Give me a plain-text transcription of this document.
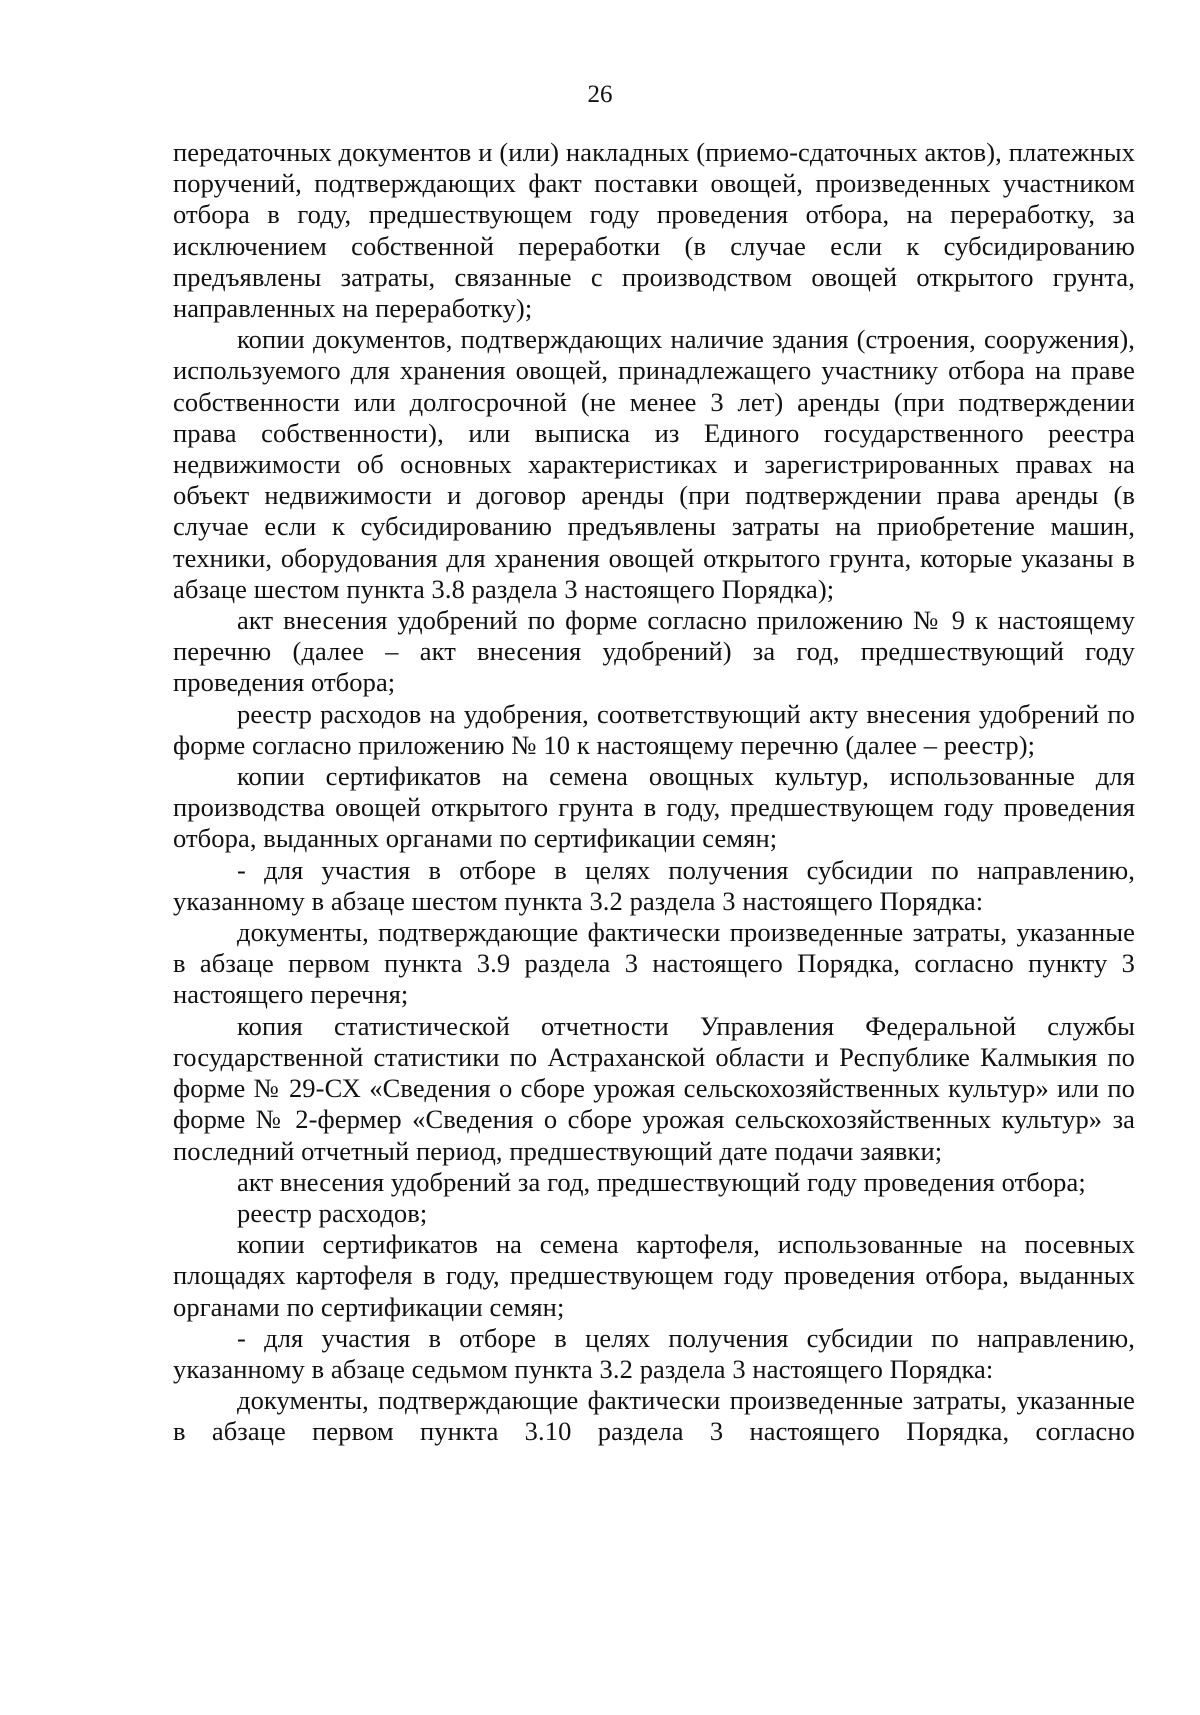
26

передаточных документов и (или) накладных (приемо-сдаточных актов), платежных поручений, подтверждающих факт поставки овощей, произведенных участником отбора в году, предшествующем году проведения отбора, на переработку, за исключением собственной переработки (в случае если к субсидированию предъявлены затраты, связанные с производством овощей открытого грунта, направленных на переработку);

копии документов, подтверждающих наличие здания (строения, сооружения), используемого для хранения овощей, принадлежащего участнику отбора на праве собственности или долгосрочной (не менее 3 лет) аренды (при подтверждении права собственности), или выписка из Единого государственного реестра недвижимости об основных характеристиках и зарегистрированных правах на объект недвижимости и договор аренды (при подтверждении права аренды (в случае если к субсидированию предъявлены затраты на приобретение машин, техники, оборудования для хранения овощей открытого грунта, которые указаны в абзаце шестом пункта 3.8 раздела 3 настоящего Порядка);

акт внесения удобрений по форме согласно приложению № 9 к настоящему перечню (далее – акт внесения удобрений) за год, предшествующий году проведения отбора;

реестр расходов на удобрения, соответствующий акту внесения удобрений по форме согласно приложению № 10 к настоящему перечню (далее – реестр);

копии сертификатов на семена овощных культур, использованные для производства овощей открытого грунта в году, предшествующем году проведения отбора, выданных органами по сертификации семян;

- для участия в отборе в целях получения субсидии по направлению, указанному в абзаце шестом пункта 3.2 раздела 3 настоящего Порядка:

документы, подтверждающие фактически произведенные затраты, указанные в абзаце первом пункта 3.9 раздела 3 настоящего Порядка, согласно пункту 3 настоящего перечня;

копия статистической отчетности Управления Федеральной службы государственной статистики по Астраханской области и Республике Калмыкия по форме № 29-СХ «Сведения о сборе урожая сельскохозяйственных культур» или по форме № 2-фермер «Сведения о сборе урожая сельскохозяйственных культур» за последний отчетный период, предшествующий дате подачи заявки;

акт внесения удобрений за год, предшествующий году проведения отбора;

реестр расходов;

копии сертификатов на семена картофеля, использованные на посевных площадях картофеля в году, предшествующем году проведения отбора, выданных органами по сертификации семян;

- для участия в отборе в целях получения субсидии по направлению, указанному в абзаце седьмом пункта 3.2 раздела 3 настоящего Порядка:

документы, подтверждающие фактически произведенные затраты, указанные в абзаце первом пункта 3.10 раздела 3 настоящего Порядка, согласно
